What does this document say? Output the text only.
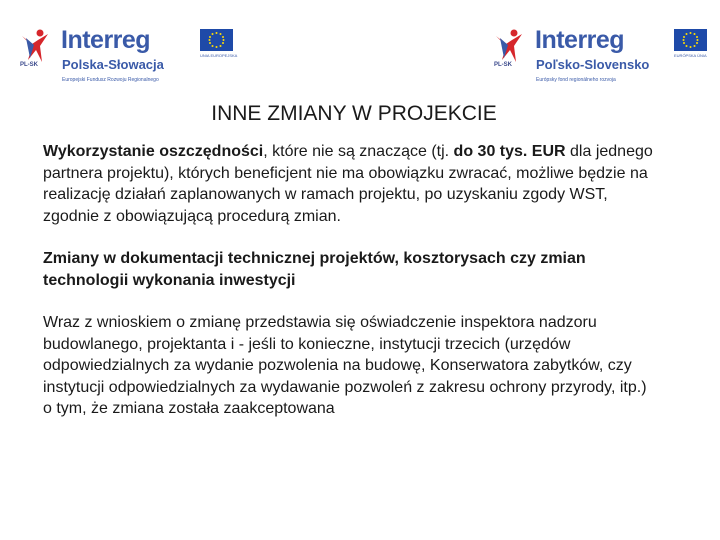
PL-SK
Interreg
Polska-Słowacja
Europejski Fundusz Rozwoju Regionalnego
UNIA EUROPEJSKA
PL-SK
Interreg
Poľsko-Slovensko
Európsky fond regionálneho rozvoja
EURÓPSKA ÚNIA
INNE ZMIANY W PROJEKCIE

Wykorzystanie oszczędności, które nie są znaczące (tj. do 30 tys. EUR dla jednego partnera projektu), których beneficjent nie ma obowiązku zwracać, możliwe będzie na realizację działań zaplanowanych w ramach projektu, po uzyskaniu zgody WST, zgodnie z obowiązującą procedurą zmian.

Zmiany w dokumentacji technicznej projektów, kosztorysach czy zmian technologii wykonania inwestycji

Wraz z wnioskiem o zmianę przedstawia się oświadczenie inspektora nadzoru budowlanego, projektanta i - jeśli to konieczne, instytucji trzecich (urzędów odpowiedzialnych za wydanie pozwolenia na budowę, Konserwatora zabytków, czy instytucji odpowiedzialnych za wydawanie pozwoleń z zakresu ochrony przyrody, itp.) o tym, że zmiana została zaakceptowana
